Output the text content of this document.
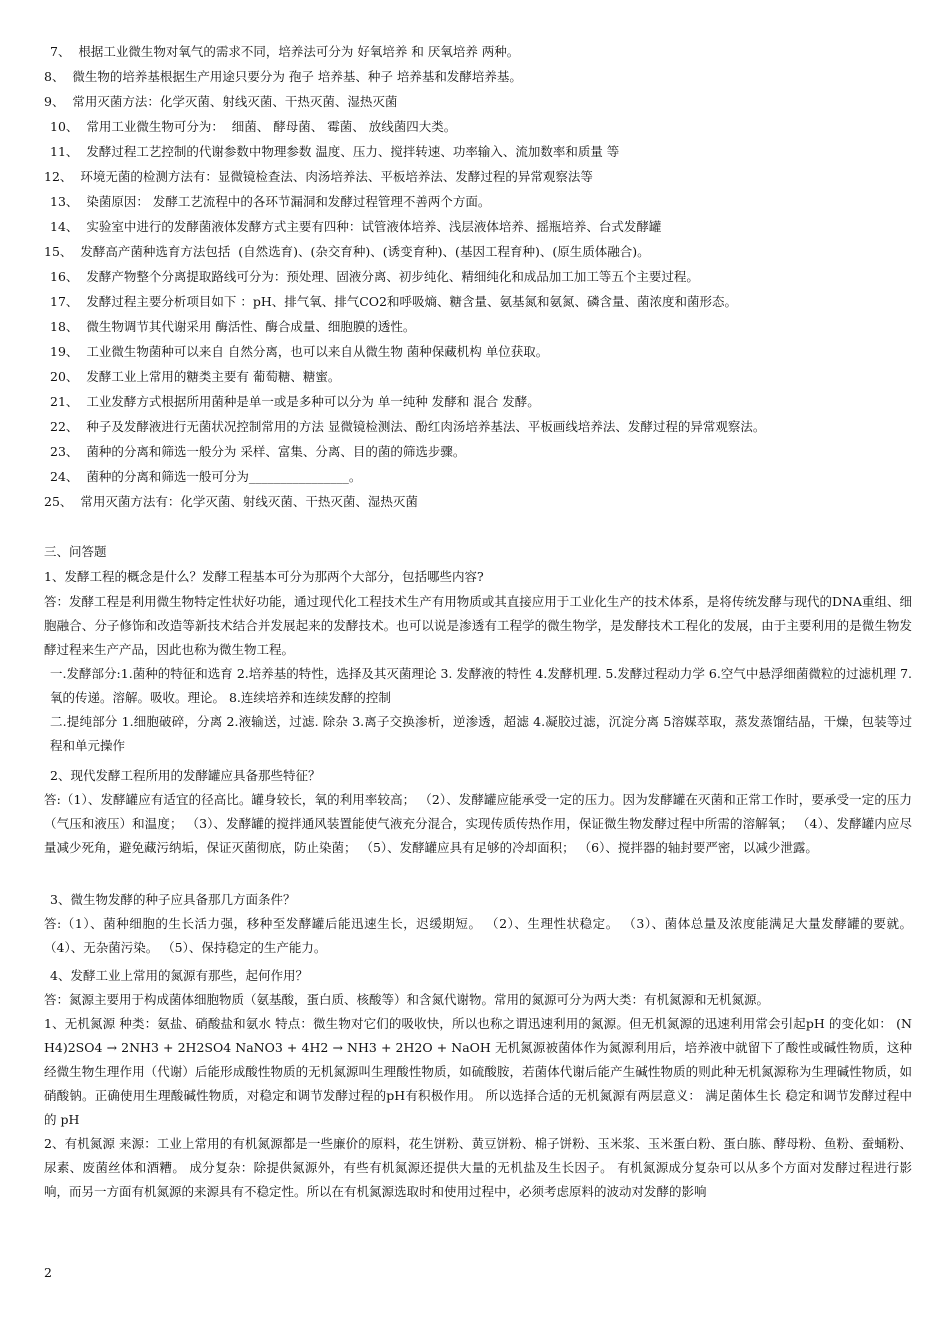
7、  根据工业微生物对氧气的需求不同，培养法可分为 好氧培养 和 厌氧培养 两种。

8、  微生物的培养基根据生产用途只要分为 孢子 培养基、种子 培养基和发酵培养基。

9、  常用灭菌方法：化学灭菌、射线灭菌、干热灭菌、湿热灭菌

10、  常用工业微生物可分为：  细菌、 酵母菌、 霉菌、 放线菌四大类。

11、  发酵过程工艺控制的代谢参数中物理参数 温度、压力、搅拌转速、功率输入、流加数率和质量 等

12、  环境无菌的检测方法有：显微镜检查法、肉汤培养法、平板培养法、发酵过程的异常观察法等

13、  染菌原因： 发酵工艺流程中的各环节漏洞和发酵过程管理不善两个方面。

14、  实验室中进行的发酵菌液体发酵方式主要有四种：试管液体培养、浅层液体培养、摇瓶培养、台式发酵罐

15、  发酵高产菌种选育方法包括  (自然选育)、(杂交育种)、(诱变育种)、(基因工程育种)、(原生质体融合)。

16、  发酵产物整个分离提取路线可分为：预处理、固液分离、初步纯化、精细纯化和成品加工加工等五个主要过程。

17、  发酵过程主要分析项目如下 ：pH、排气氧、排气CO2和呼吸熵、糖含量、氨基氮和氨氮、磷含量、菌浓度和菌形态。

18、  微生物调节其代谢采用 酶活性、酶合成量、细胞膜的透性。

19、  工业微生物菌种可以来自 自然分离，也可以来自从微生物 菌种保藏机构 单位获取。

20、  发酵工业上常用的糖类主要有 葡萄糖、糖蜜。

21、  工业发酵方式根据所用菌种是单一或是多种可以分为 单一纯种 发酵和 混合 发酵。

22、  种子及发酵液进行无菌状况控制常用的方法 显微镜检测法、酚红肉汤培养基法、平板画线培养法、发酵过程的异常观察法。

23、  菌种的分离和筛选一般分为 采样、富集、分离、目的菌的筛选步骤。

24、  菌种的分离和筛选一般可分为________________。

25、  常用灭菌方法有：化学灭菌、射线灭菌、干热灭菌、湿热灭菌

三、问答题

1、发酵工程的概念是什么？发酵工程基本可分为那两个大部分，包括哪些内容?

答：发酵工程是利用微生物特定性状好功能，通过现代化工程技术生产有用物质或其直接应用于工业化生产的技术体系，是将传统发酵与现代的DNA重组、细胞融合、分子修饰和改造等新技术结合并发展起来的发酵技术。也可以说是渗透有工程学的微生物学，是发酵技术工程化的发展，由于主要利用的是微生物发酵过程来生产产品，因此也称为微生物工程。

一.发酵部分:1.菌种的特征和选育 2.培养基的特性，选择及其灭菌理论 3. 发酵液的特性 4.发酵机理. 5.发酵过程动力学 6.空气中悬浮细菌微粒的过滤机理 7.氧的传递。溶解。吸收。理论。 8.连续培养和连续发酵的控制

二.提纯部分 1.细胞破碎，分离 2.液输送，过滤. 除杂 3.离子交换渗析，逆渗透，超滤 4.凝胶过滤，沉淀分离 5溶媒萃取，蒸发蒸馏结晶，干燥，包装等过程和单元操作

2、现代发酵工程所用的发酵罐应具备那些特征？

答:（1）、发酵罐应有适宜的径高比。罐身较长，氧的利用率较高； （2）、发酵罐应能承受一定的压力。因为发酵罐在灭菌和正常工作时，要承受一定的压力（气压和液压）和温度； （3）、发酵罐的搅拌通风装置能使气液充分混合，实现传质传热作用，保证微生物发酵过程中所需的溶解氧； （4）、发酵罐内应尽量减少死角，避免藏污纳垢，保证灭菌彻底，防止染菌； （5）、发酵罐应具有足够的冷却面积； （6）、搅拌器的轴封要严密，以减少泄露。

3、微生物发酵的种子应具备那几方面条件？

答:（1）、菌种细胞的生长活力强，移种至发酵罐后能迅速生长，迟缓期短。 （2）、生理性状稳定。 （3）、菌体总量及浓度能满足大量发酵罐的要就。 （4）、无杂菌污染。 （5）、保持稳定的生产能力。

4、发酵工业上常用的氮源有那些，起何作用？

答：氮源主要用于构成菌体细胞物质（氨基酸，蛋白质、核酸等）和含氮代谢物。常用的氮源可分为两大类：有机氮源和无机氮源。

1、无机氮源 种类：氨盐、硝酸盐和氨水 特点：微生物对它们的吸收快，所以也称之谓迅速利用的氮源。但无机氮源的迅速利用常会引起pH 的变化如： (NH4)2SO4 → 2NH3 + 2H2SO4 NaNO3 + 4H2 → NH3 + 2H2O + NaOH 无机氮源被菌体作为氮源利用后，培养液中就留下了酸性或碱性物质，这种经微生物生理作用（代谢）后能形成酸性物质的无机氮源叫生理酸性物质，如硫酸胺，若菌体代谢后能产生碱性物质的则此种无机氮源称为生理碱性物质，如硝酸钠。正确使用生理酸碱性物质，对稳定和调节发酵过程的pH有积极作用。 所以选择合适的无机氮源有两层意义： 满足菌体生长 稳定和调节发酵过程中的 pH

2、有机氮源 来源：工业上常用的有机氮源都是一些廉价的原料，花生饼粉、黄豆饼粉、棉子饼粉、玉米浆、玉米蛋白粉、蛋白胨、酵母粉、鱼粉、蚕蛹粉、尿素、废菌丝体和酒糟。 成分复杂：除提供氮源外，有些有机氮源还提供大量的无机盐及生长因子。 有机氮源成分复杂可以从多个方面对发酵过程进行影响，而另一方面有机氮源的来源具有不稳定性。所以在有机氮源选取时和使用过程中，必须考虑原料的波动对发酵的影响

2
